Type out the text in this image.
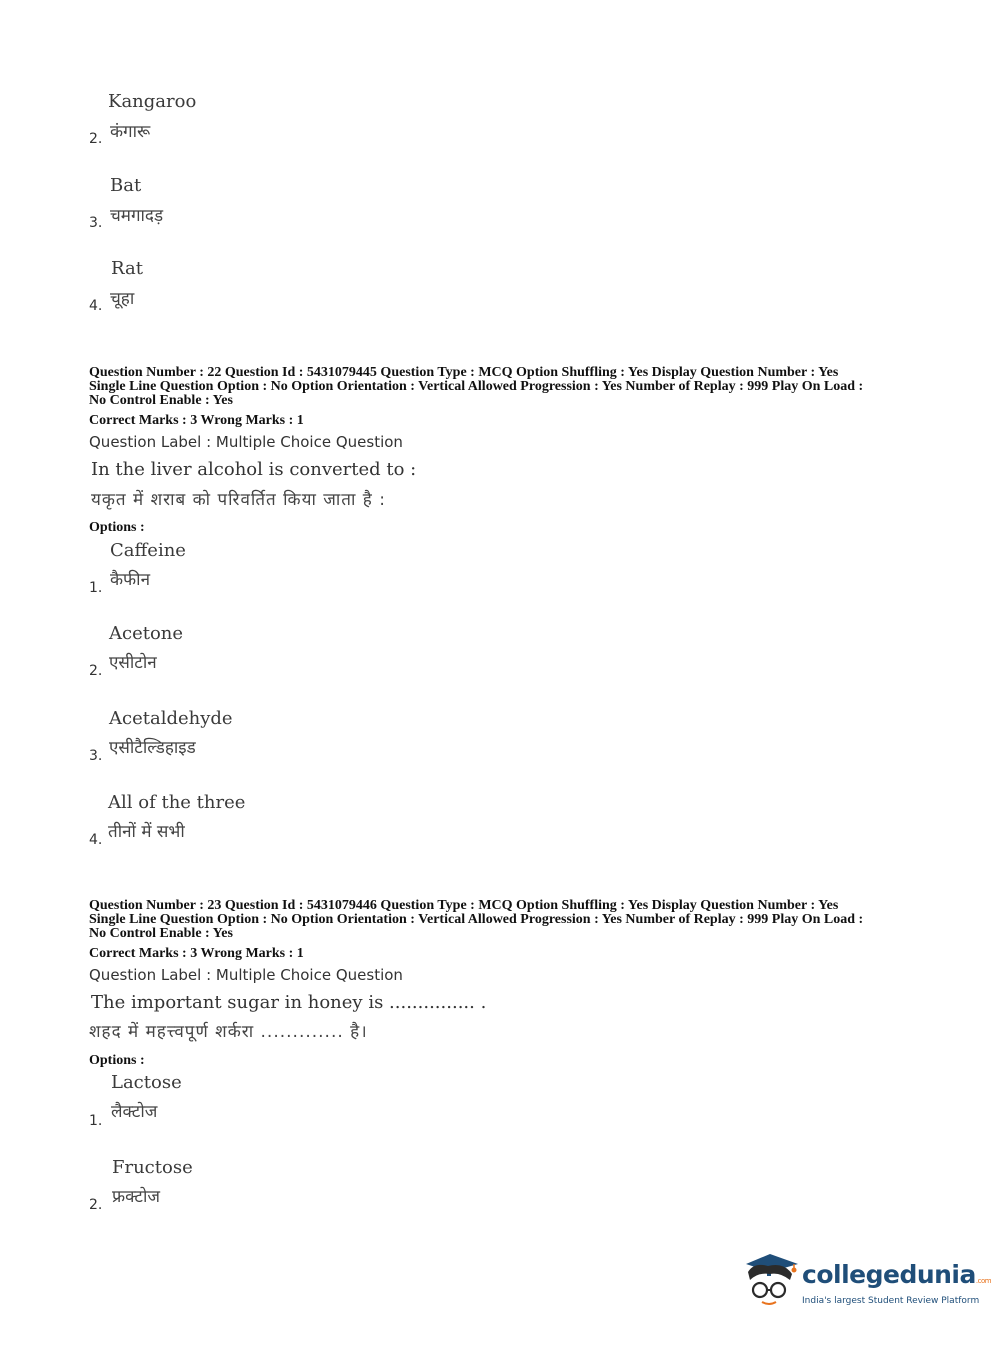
Kangaroo
कंगारू
2.
Bat
चमगादड़
3.
Rat
चूहा
4.
Question Number : 22 Question Id : 5431079445 Question Type : MCQ Option Shuffling : Yes Display Question Number : Yes
Single Line Question Option : No Option Orientation : Vertical Allowed Progression : Yes Number of Replay : 999 Play On Load :
No Control Enable : Yes
Correct Marks : 3 Wrong Marks : 1
Question Label : Multiple Choice Question
In the liver alcohol is converted to :
यकृत में शराब को परिवर्तित किया जाता है :
Options :
Caffeine
कैफीन
1.
Acetone
एसीटोन
2.
Acetaldehyde
एसीटैल्डिहाइड
3.
All of the three
तीनों में सभी
4.
Question Number : 23 Question Id : 5431079446 Question Type : MCQ Option Shuffling : Yes Display Question Number : Yes
Single Line Question Option : No Option Orientation : Vertical Allowed Progression : Yes Number of Replay : 999 Play On Load :
No Control Enable : Yes
Correct Marks : 3 Wrong Marks : 1
Question Label : Multiple Choice Question
The important sugar in honey is ............... .
शहद में महत्त्वपूर्ण शर्करा ............. है।
Options :
Lactose
लैक्टोज
1.
Fructose
फ्रक्टोज
2.
collegedunia.com
India's largest Student Review Platform
